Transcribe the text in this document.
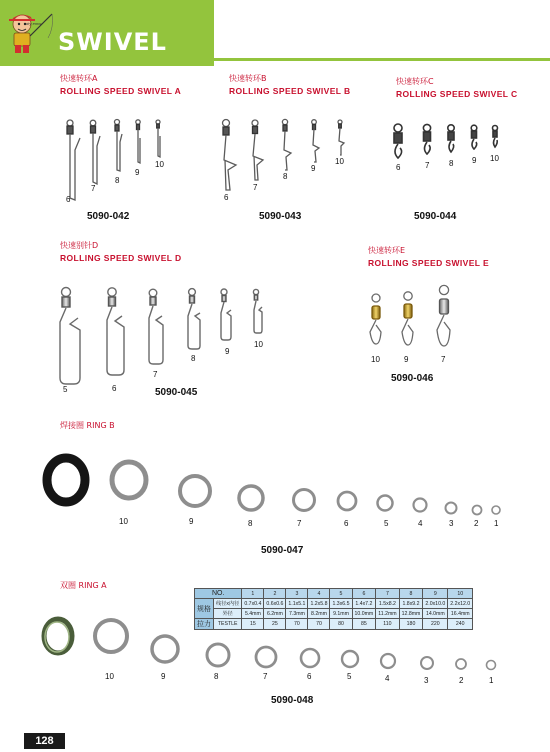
dry emw
SWIVEL
快速转环A
ROLLING SPEED SWIVEL A
6
7
8
9
10
5090-042
快速转环B
ROLLING SPEED SWIVEL B
6
7
8
9
10
5090-043
快速转环C
ROLLING SPEED SWIVEL C
6	7 8 9 10
5090-044
快速别针D
ROLLING SPEED SWIVEL D
5	6
7
8
9
10
5090-045
快速转环E
ROLLING SPEED SWIVEL E
10	9	7
5090-046
焊接圈 RING B
10	9	8	7	6	5	4	3	2 1
5090-047
双圈 RING A
NO.		1	2	3	4	5	6	7	8	9	10
规格	线径x内径	0.7x0.4	0.6x0.6	1.1x5.1	1.2x5.8	1.3x6.5	1.4x7.2	1.5x8.2	1.8x9.2	2.0x10.0	2.2x12.0
	外径	5.4mm	6.2mm	7.3mm	8.2mm	9.1mm	10.0mm	11.2mm	12.8mm	14.0mm	16.4mm
拉力	TESTLE	15	25	70	70	80	85	110	180	220	240
10	9	8	7	6	5	4	3	2	1
5090-048
128
